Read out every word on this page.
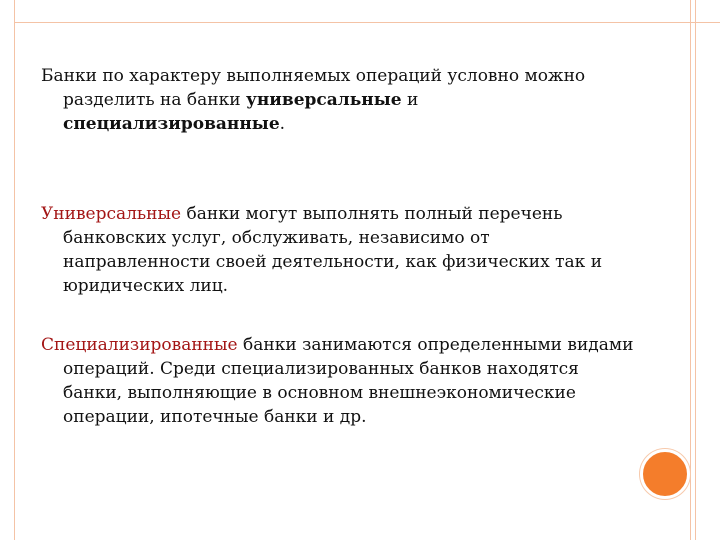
Банки по характеру выполняемых операций условно можно разделить на банки универсальные и специализированные.

Универсальные банки могут выполнять полный перечень банковских услуг, обслуживать, независимо от направленности своей деятельности, как физических так и юридических лиц.

Специализированные банки занимаются определенными видами операций. Среди специализированных банков находятся банки, выполняющие в основном внешнеэкономические операции, ипотечные банки и др.
